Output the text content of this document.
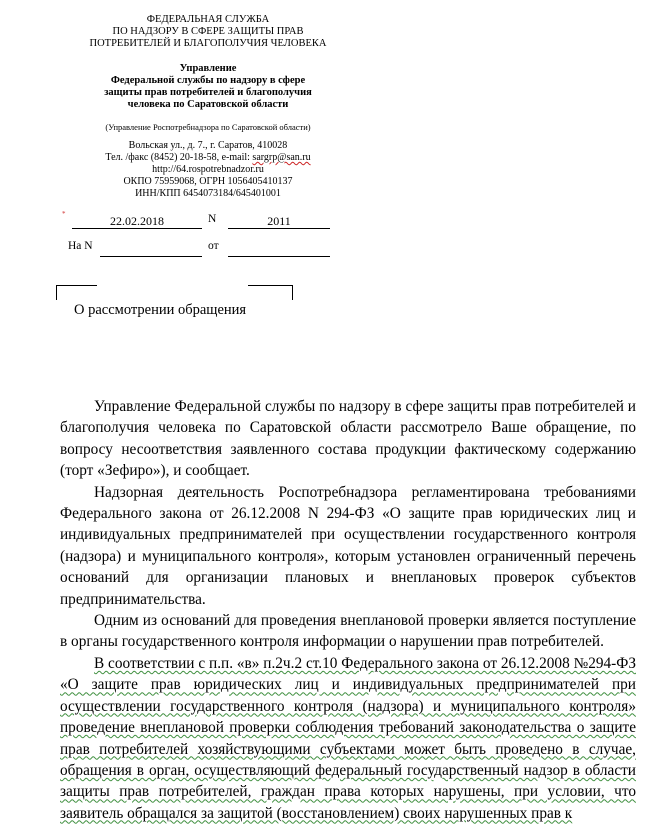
ФЕДЕРАЛЬНАЯ СЛУЖБА
ПО НАДЗОРУ В СФЕРЕ ЗАЩИТЫ ПРАВ
ПОТРЕБИТЕЛЕЙ И БЛАГОПОЛУЧИЯ ЧЕЛОВЕКА
Управление
Федеральной службы по надзору в сфере
защиты прав потребителей и благополучия
человека по Саратовской области
(Управление Роспотребнадзора по Саратовской области)
Вольская ул., д. 7., г. Саратов, 410028
Тел. /факс (8452) 20-18-58, e-mail: sargrp@san.ru
http://64.rospotrebnadzor.ru
ОКПО 75959068, ОГРН 1056405410137
ИНН/КПП 6454073184/645401001
*	22.02.2018	N	2011
На N	от
О рассмотрении обращения

Управление Федеральной службы по надзору в сфере защиты прав потребителей и благополучия человека по Саратовской области рассмотрело Ваше обращение, по вопросу несоответствия заявленного состава продукции фактическому содержанию (торт «Зефиро»), и сообщает.

Надзорная деятельность Роспотребнадзора регламентирована требованиями Федерального закона от 26.12.2008 N 294-ФЗ «О защите прав юридических лиц и индивидуальных предпринимателей при осуществлении государственного контроля (надзора) и муниципального контроля», которым установлен ограниченный перечень оснований для организации плановых и внеплановых проверок субъектов предпринимательства.

Одним из оснований для проведения внеплановой проверки является поступление в органы государственного контроля информации о нарушении прав потребителей.

В соответствии с п.п. «в» п.2ч.2 ст.10 Федерального закона от 26.12.2008 №294-ФЗ «О защите прав юридических лиц и индивидуальных предпринимателей при осуществлении государственного контроля (надзора) и муниципального контроля» проведение внеплановой проверки соблюдения требований законодательства о защите прав потребителей хозяйствующими субъектами может быть проведено в случае, обращения в орган, осуществляющий федеральный государственный надзор в области защиты прав потребителей, граждан права которых нарушены, при условии, что заявитель обращался за защитой (восстановлением) своих нарушенных прав к
